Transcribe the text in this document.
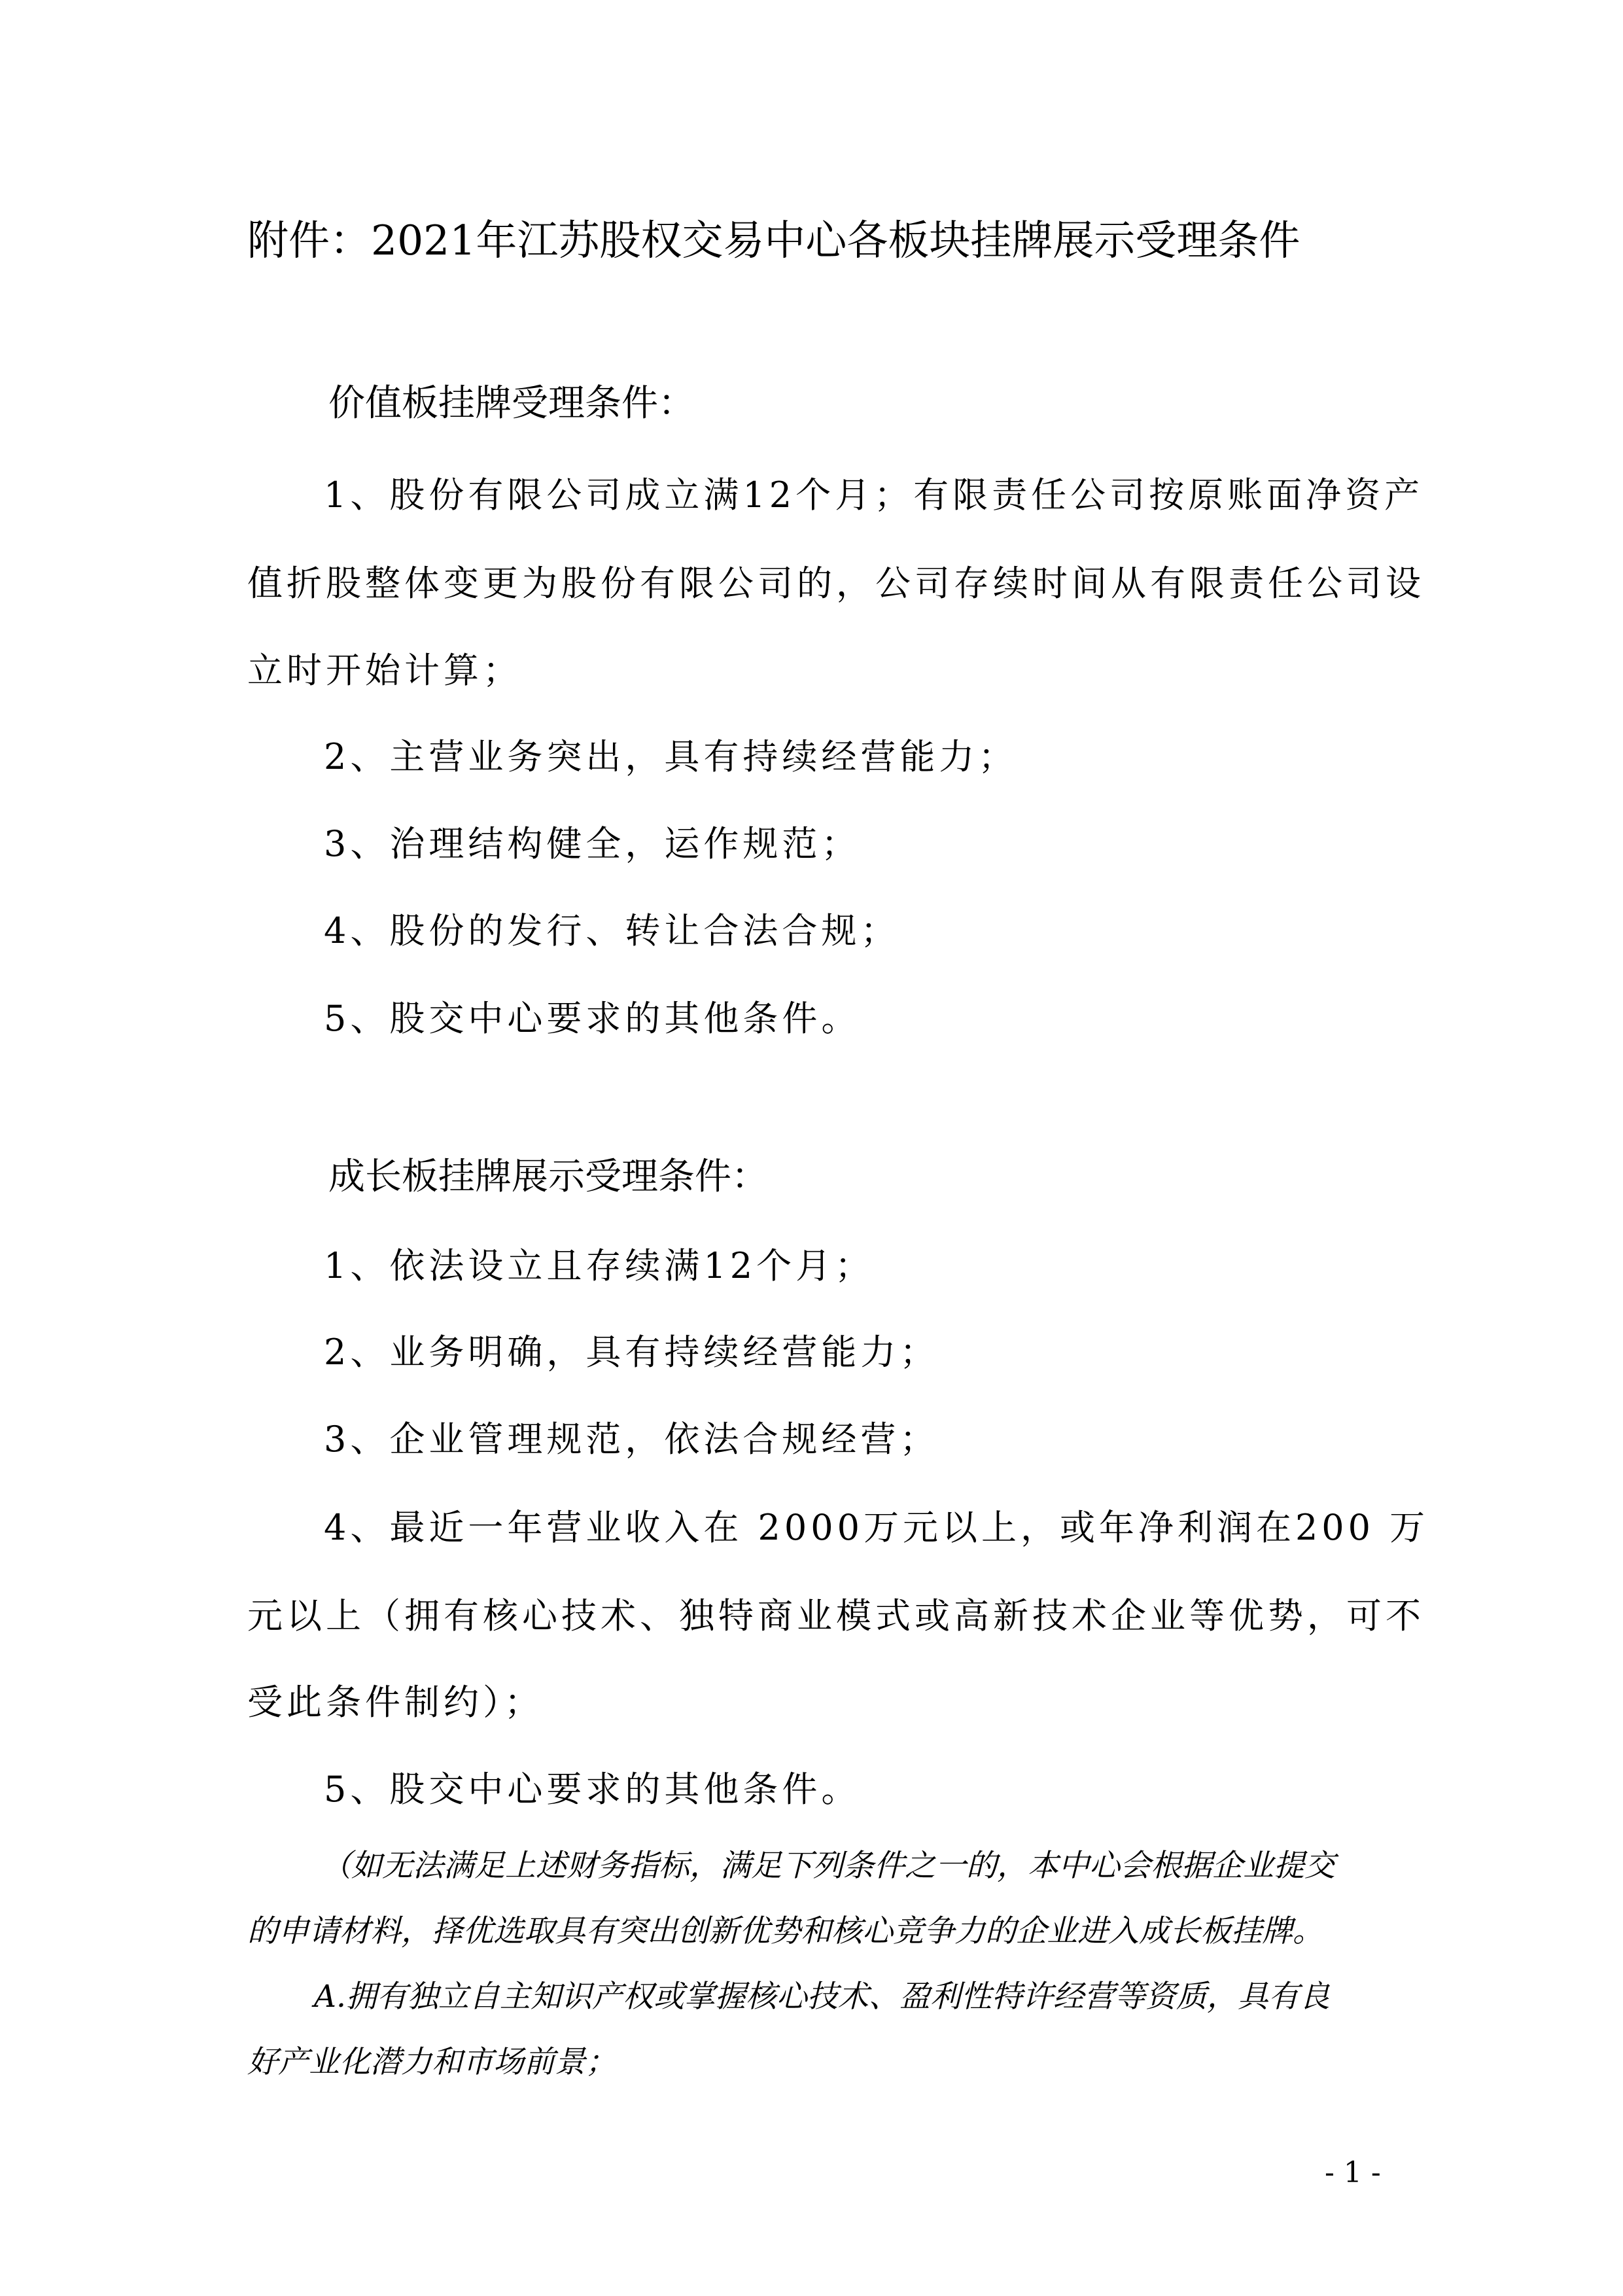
附件：2021年江苏股权交易中心各板块挂牌展示受理条件
价值板挂牌受理条件：
1、股份有限公司成立满12个月；有限责任公司按原账面净资产
值折股整体变更为股份有限公司的，公司存续时间从有限责任公司设
立时开始计算；
2、主营业务突出，具有持续经营能力；
3、治理结构健全，运作规范；
4、股份的发行、转让合法合规；
5、股交中心要求的其他条件。
成长板挂牌展示受理条件：
1、依法设立且存续满12个月；
2、业务明确，具有持续经营能力；
3、企业管理规范，依法合规经营；
4、最近一年营业收入在 2000万元以上，或年净利润在200 万
元以上（拥有核心技术、独特商业模式或高新技术企业等优势，可不
受此条件制约）；
5、股交中心要求的其他条件。
（如无法满足上述财务指标，满足下列条件之一的，本中心会根据企业提交
的申请材料，择优选取具有突出创新优势和核心竞争力的企业进入成长板挂牌。
A.拥有独立自主知识产权或掌握核心技术、盈利性特许经营等资质，具有良
好产业化潜力和市场前景；
- 1 -
